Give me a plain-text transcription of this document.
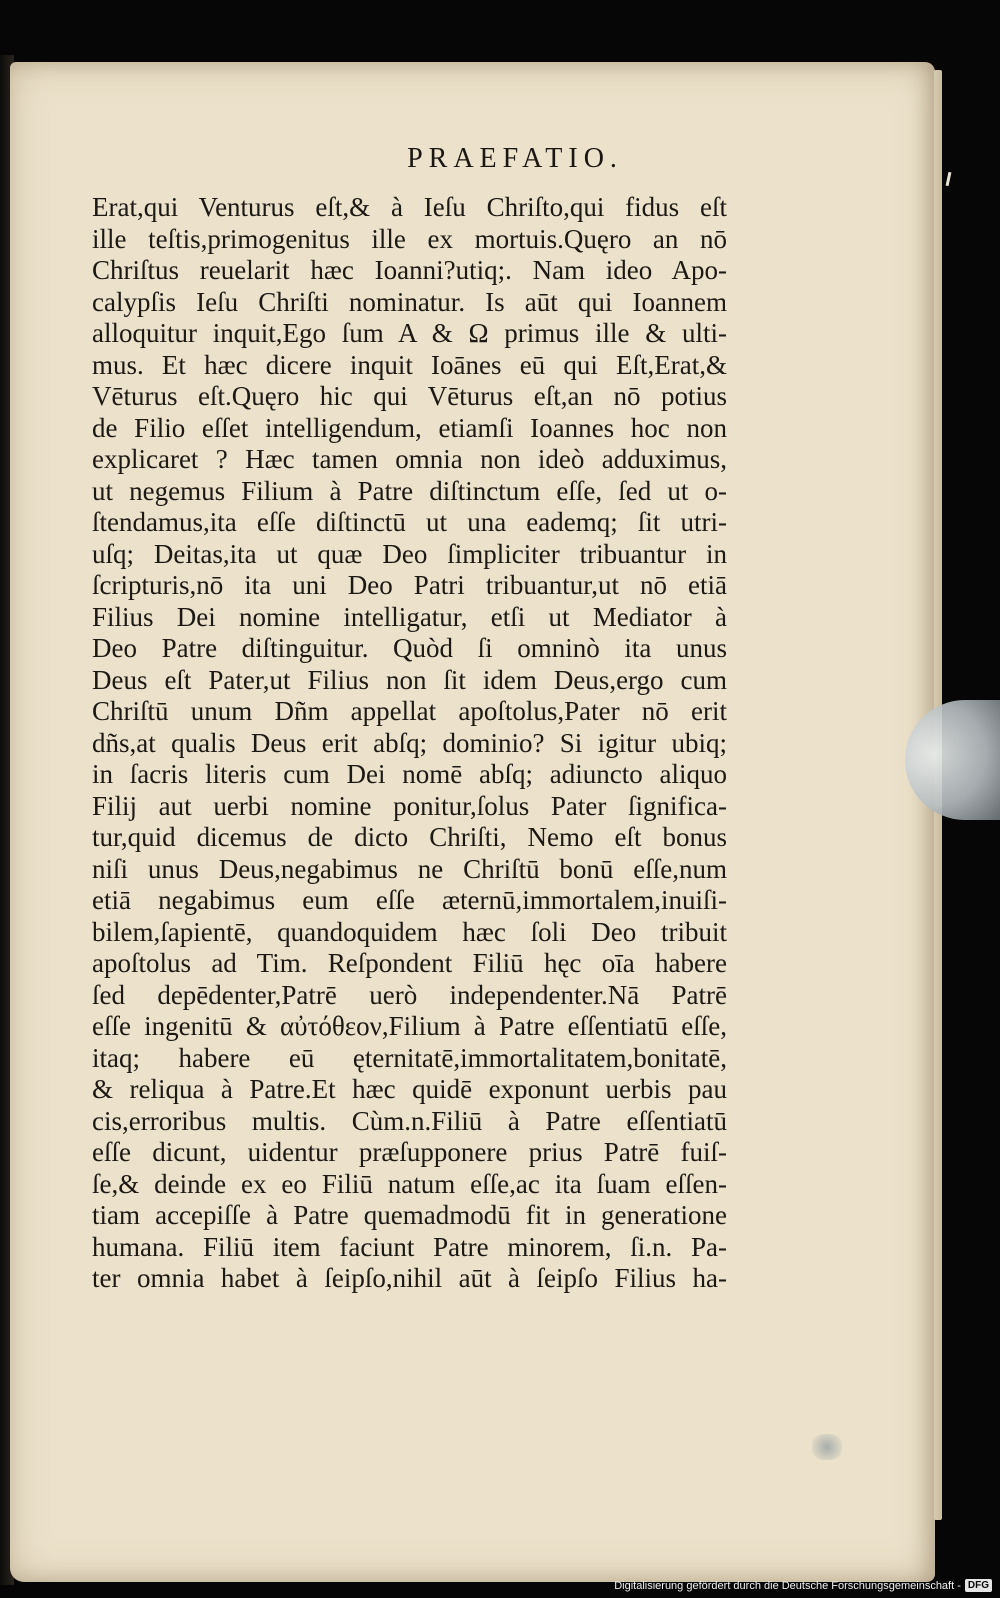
PRAEFATIO.
Erat,qui Venturus eſt,& à Ieſu Chriſto,qui fidus eſt
ille teſtis,primogenitus ille ex mortuis.Quęro an nō
Chriſtus reuelarit hæc Ioanni?utiq;. Nam ideo Apo-
calypſis Ieſu Chriſti nominatur. Is aūt qui Ioannem
alloquitur inquit,Ego ſum A & Ω primus ille & ulti-
mus. Et hæc dicere inquit Ioānes eū qui Eſt,Erat,&
Vēturus eſt.Quęro hic qui Vēturus eſt,an nō potius
de Filio eſſet intelligendum, etiamſi Ioannes hoc non
explicaret ? Hæc tamen omnia non ideò adduximus,
ut negemus Filium à Patre diſtinctum eſſe, ſed ut o-
ſtendamus,ita eſſe diſtinctū ut una eademq; ſit utri-
uſq; Deitas,ita ut quæ Deo ſimpliciter tribuantur in
ſcripturis,nō ita uni Deo Patri tribuantur,ut nō etiā
Filius Dei nomine intelligatur, etſi ut Mediator à
Deo Patre diſtinguitur. Quòd ſi omninò ita unus
Deus eſt Pater,ut Filius non ſit idem Deus,ergo cum
Chriſtū unum Dñm appellat apoſtolus,Pater nō erit
dñs,at qualis Deus erit abſq; dominio? Si igitur ubiq;
in ſacris literis cum Dei nomē abſq; adiuncto aliquo
Filij aut uerbi nomine ponitur,ſolus Pater ſignifica-
tur,quid dicemus de dicto Chriſti, Nemo eſt bonus
niſi unus Deus,negabimus ne Chriſtū bonū eſſe,num
etiā negabimus eum eſſe æternū,immortalem,inuiſi-
bilem,ſapientē, quandoquidem hæc ſoli Deo tribuit
apoſtolus ad Tim. Reſpondent Filiū hęc oīa habere
ſed depēdenter,Patrē uerò independenter.Nā Patrē
eſſe ingenitū & αὐτόθεον,Filium à Patre eſſentiatū eſſe,
itaq; habere eū ęternitatē,immortalitatem,bonitatē,
& reliqua à Patre.Et hæc quidē exponunt uerbis pau
cis,erroribus multis. Cùm.n.Filiū à Patre eſſentiatū
eſſe dicunt, uidentur præſupponere prius Patrē fuiſ-
ſe,& deinde ex eo Filiū natum eſſe,ac ita ſuam eſſen-
tiam accepiſſe à Patre quemadmodū fit in generatione
humana. Filiū item faciunt Patre minorem, ſi.n. Pa-
ter omnia habet à ſeipſo,nihil aūt à ſeipſo Filius ha-
Digitalisierung gefördert durch die Deutsche Forschungsgemeinschaft - DFG
